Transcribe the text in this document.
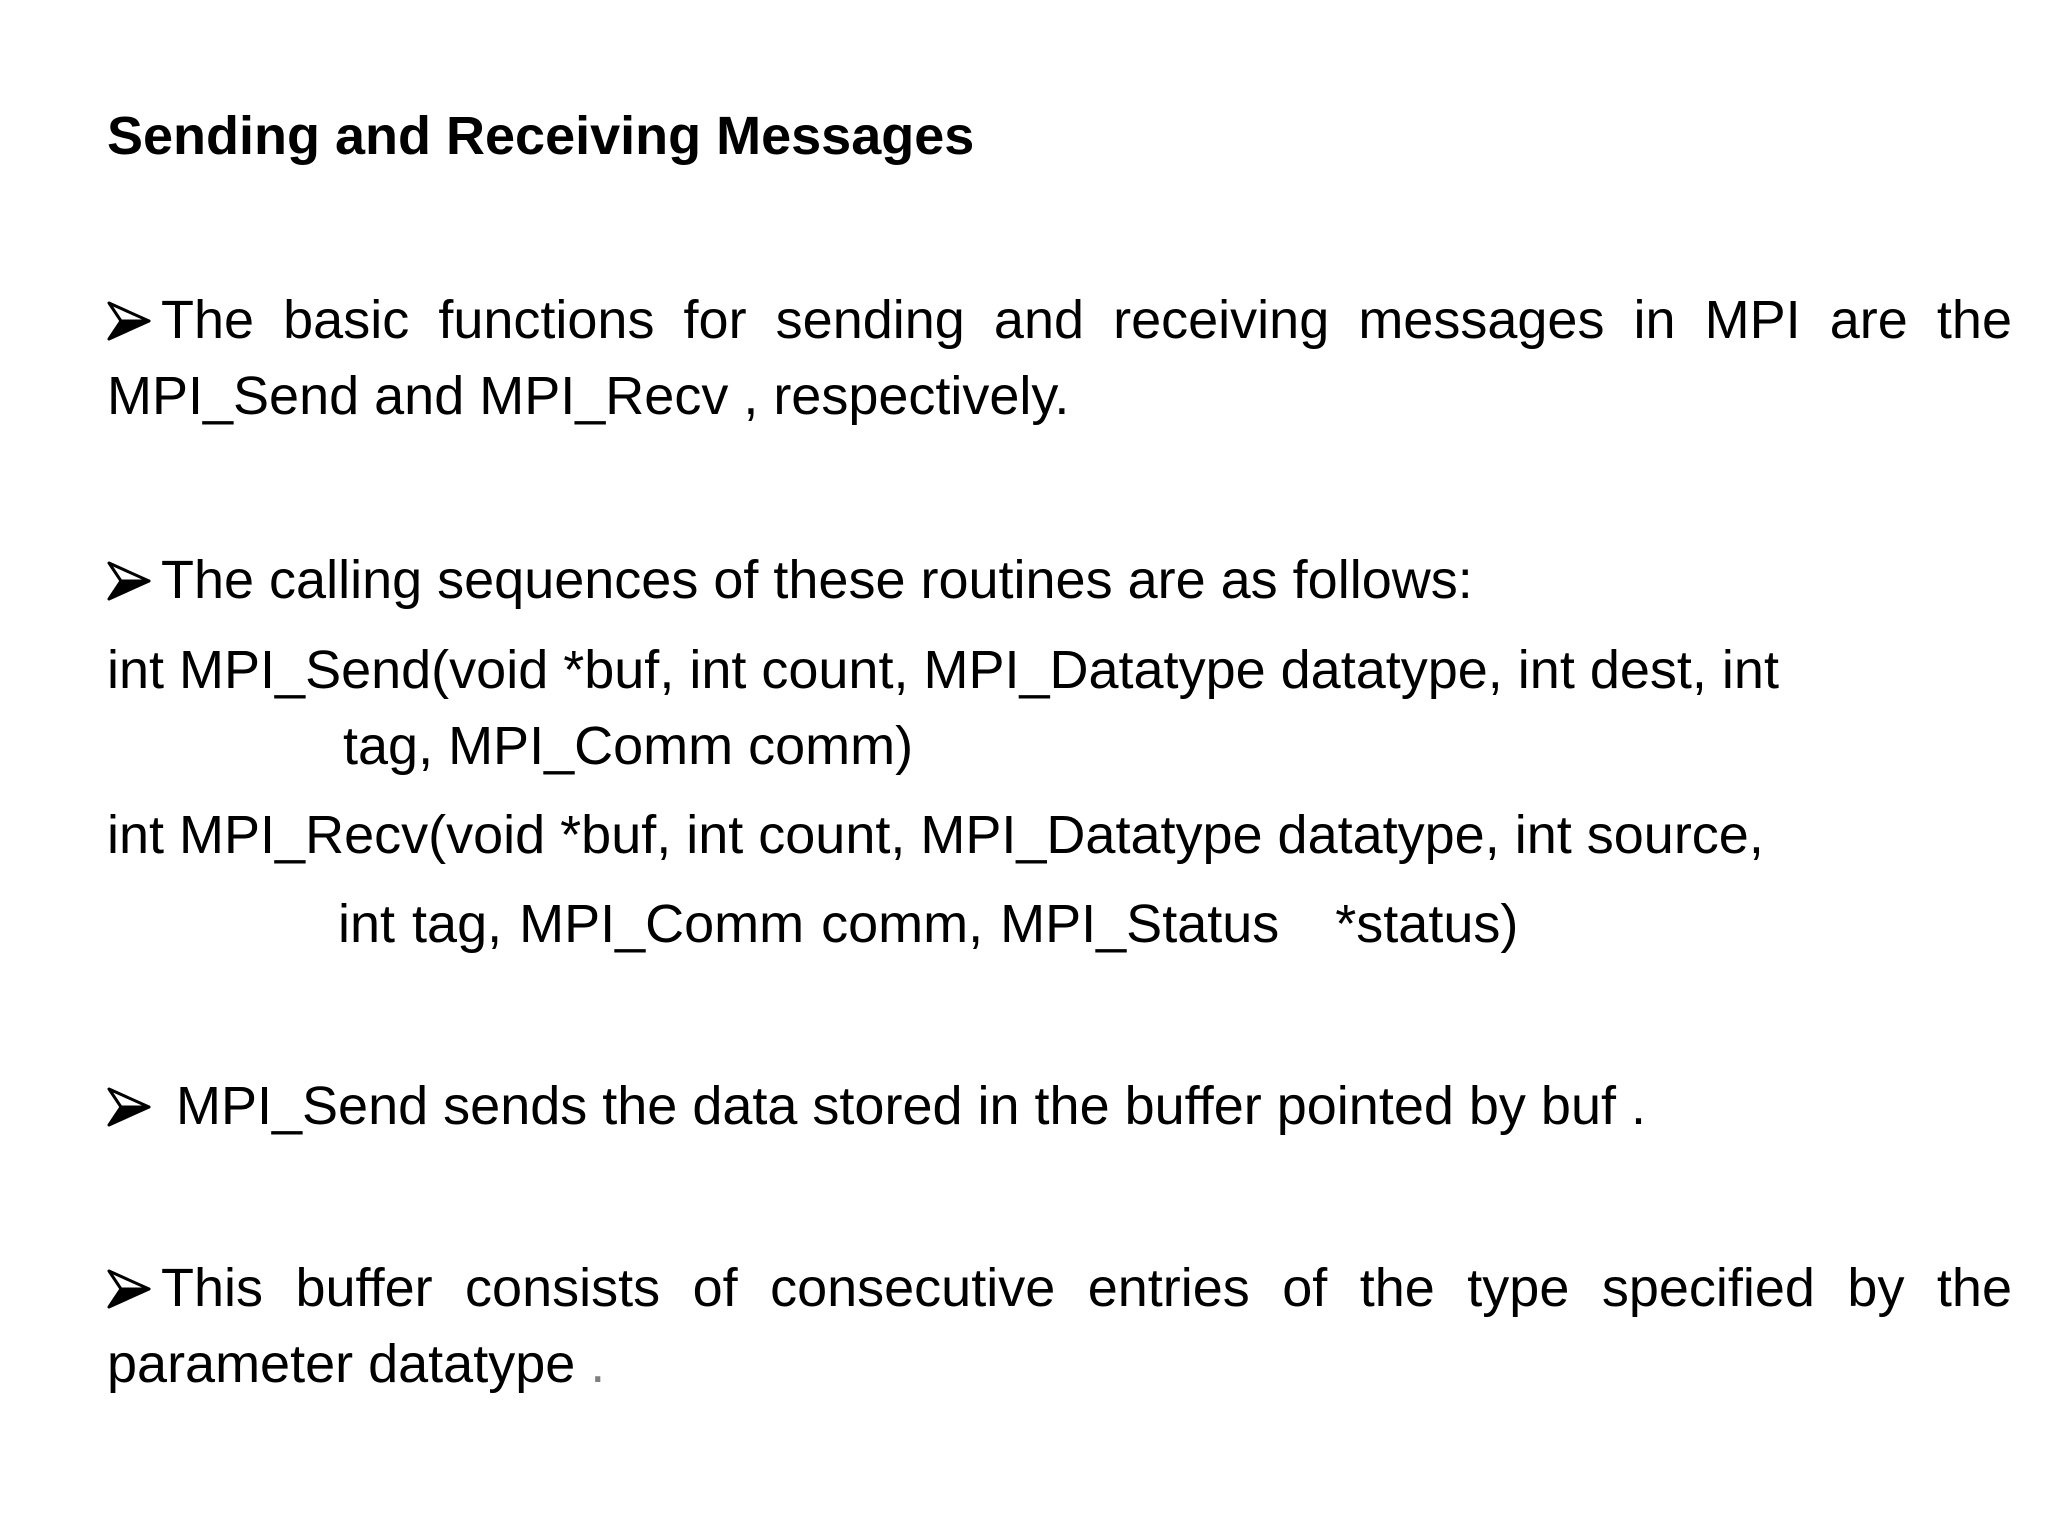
Sending and Receiving Messages
The basic functions for sending and receiving messages in MPI are the MPI_Send and MPI_Recv , respectively.
The calling sequences of these routines are as follows:
int MPI_Send(void *buf, int count, MPI_Datatype datatype, int dest, int
tag, MPI_Comm comm)
int MPI_Recv(void *buf, int count, MPI_Datatype datatype, int source,
int tag, MPI_Comm comm, MPI_Status *status)
MPI_Send sends the data stored in the buffer pointed by buf .
This buffer consists of consecutive entries of the type specified by the parameter datatype .
